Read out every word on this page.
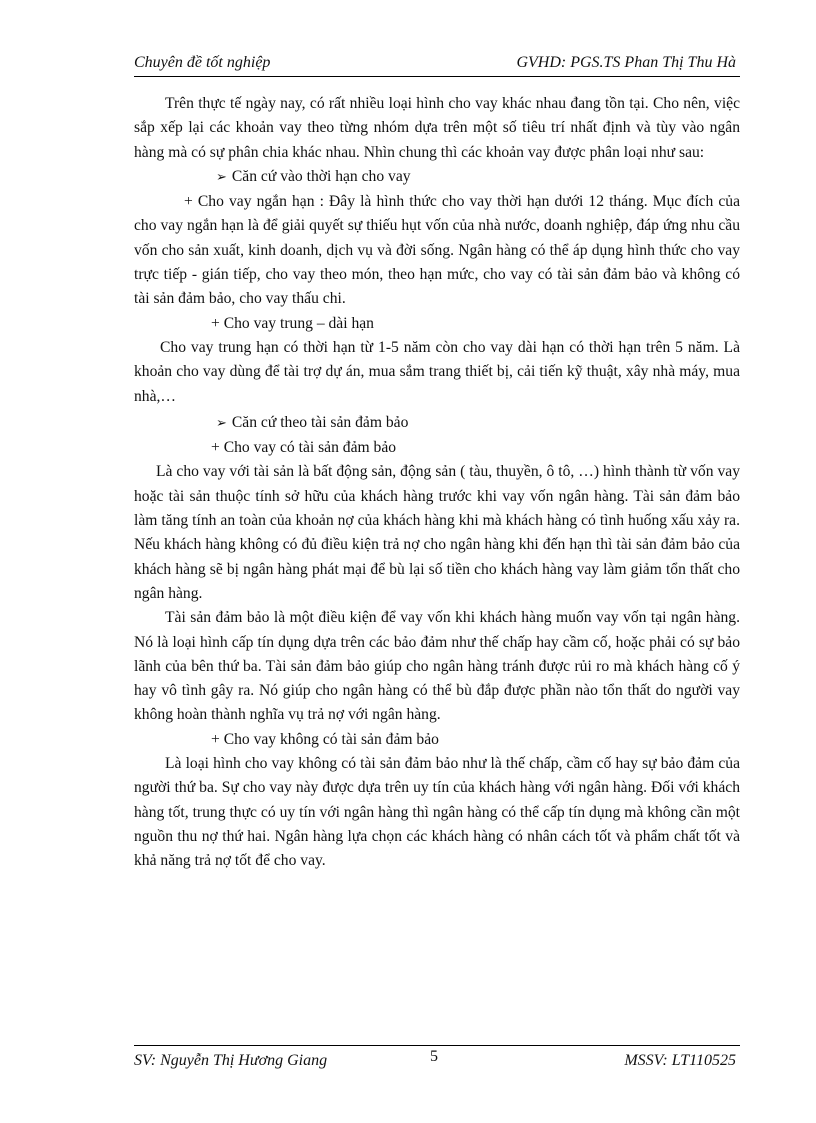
Chuyên đề tốt nghiệp	GVHD: PGS.TS Phan Thị Thu Hà

Trên thực tế ngày nay, có rất nhiều loại hình cho vay khác nhau đang tồn tại. Cho nên, việc sắp xếp lại các khoản vay theo từng nhóm dựa trên một số tiêu trí nhất định và tùy vào ngân hàng mà có sự phân chia khác nhau. Nhìn chung thì các khoản vay được phân loại như sau:

➢ Căn cứ vào thời hạn cho vay

+ Cho vay ngắn hạn : Đây là hình thức cho vay thời hạn dưới 12 tháng. Mục đích của cho vay ngắn hạn là để giải quyết sự thiếu hụt vốn của nhà nước, doanh nghiệp, đáp ứng nhu cầu vốn cho sản xuất, kinh doanh, dịch vụ và đời sống. Ngân hàng có thể áp dụng hình thức cho vay trực tiếp - gián tiếp, cho vay theo món, theo hạn mức, cho vay có tài sản đảm bảo và không có tài sản đảm bảo, cho vay thấu chi.

+ Cho vay trung – dài hạn

Cho vay trung hạn có thời hạn từ 1-5 năm còn cho vay dài hạn có thời hạn trên 5 năm. Là khoản cho vay dùng để tài trợ dự án, mua sắm trang thiết bị, cải tiến kỹ thuật, xây nhà máy, mua nhà,…

➢ Căn cứ theo tài sản đảm bảo

+ Cho vay có tài sản đảm bảo

Là cho vay với tài sản là bất động sản, động sản ( tàu, thuyền, ô tô, …) hình thành từ vốn vay hoặc tài sản thuộc tính sở hữu của khách hàng trước khi vay vốn ngân hàng. Tài sản đảm bảo làm tăng tính an toàn của khoản nợ của khách hàng khi mà khách hàng có tình huống xấu xảy ra. Nếu khách hàng không có đủ điều kiện trả nợ cho ngân hàng khi đến hạn thì tài sản đảm bảo của khách hàng sẽ bị ngân hàng phát mại để bù lại số tiền cho khách hàng vay làm giảm tổn thất cho ngân hàng.

Tài sản đảm bảo là một điều kiện để vay vốn khi khách hàng muốn vay vốn tại ngân hàng. Nó là loại hình cấp tín dụng dựa trên các bảo đảm như thế chấp hay cầm cố, hoặc phải có sự bảo lãnh của bên thứ ba. Tài sản đảm bảo giúp cho ngân hàng tránh được rủi ro mà khách hàng cố ý hay vô tình gây ra. Nó giúp cho ngân hàng có thể bù đắp được phần nào tổn thất do người vay không hoàn thành nghĩa vụ trả nợ với ngân hàng.

+ Cho vay không có tài sản đảm bảo

Là loại hình cho vay không có tài sản đảm bảo như là thế chấp, cầm cố hay sự bảo đảm của người thứ ba. Sự cho vay này được dựa trên uy tín của khách hàng với ngân hàng. Đối với khách hàng tốt, trung thực có uy tín với ngân hàng thì ngân hàng có thể cấp tín dụng mà không cần một nguồn thu nợ thứ hai. Ngân hàng lựa chọn các khách hàng có nhân cách tốt và phẩm chất tốt và khả năng trả nợ tốt để cho vay.

SV: Nguyễn Thị Hương Giang	5	MSSV: LT110525
